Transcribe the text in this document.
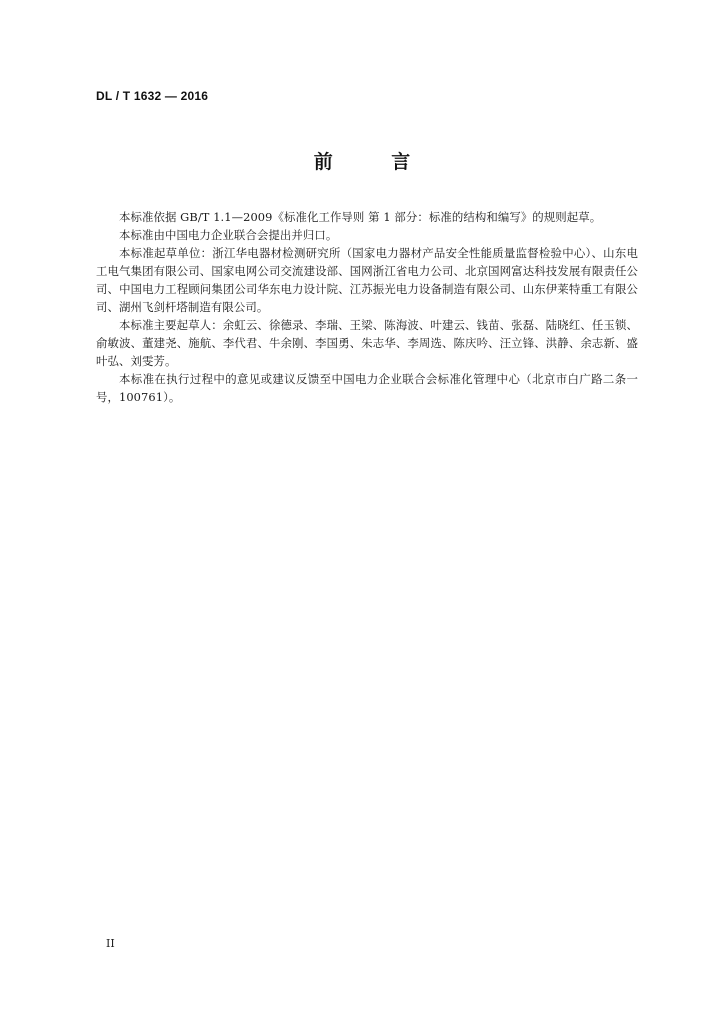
DL / T 1632 — 2016
前 言

本标准依据 GB/T 1.1—2009《标准化工作导则 第 1 部分：标准的结构和编写》的规则起草。

本标准由中国电力企业联合会提出并归口。

本标准起草单位：浙江华电器材检测研究所（国家电力器材产品安全性能质量监督检验中心）、山东电工电气集团有限公司、国家电网公司交流建设部、国网浙江省电力公司、北京国网富达科技发展有限责任公司、中国电力工程顾问集团公司华东电力设计院、江苏振光电力设备制造有限公司、山东伊莱特重工有限公司、湖州飞剑杆塔制造有限公司。

本标准主要起草人：余虹云、徐德录、李瑞、王梁、陈海波、叶建云、钱苗、张磊、陆晓红、任玉锁、俞敏波、董建尧、施航、李代君、牛余刚、李国勇、朱志华、李周选、陈庆吟、汪立锋、洪静、余志新、盛叶弘、刘雯芳。

本标准在执行过程中的意见或建议反馈至中国电力企业联合会标准化管理中心（北京市白广路二条一号，100761）。

II
